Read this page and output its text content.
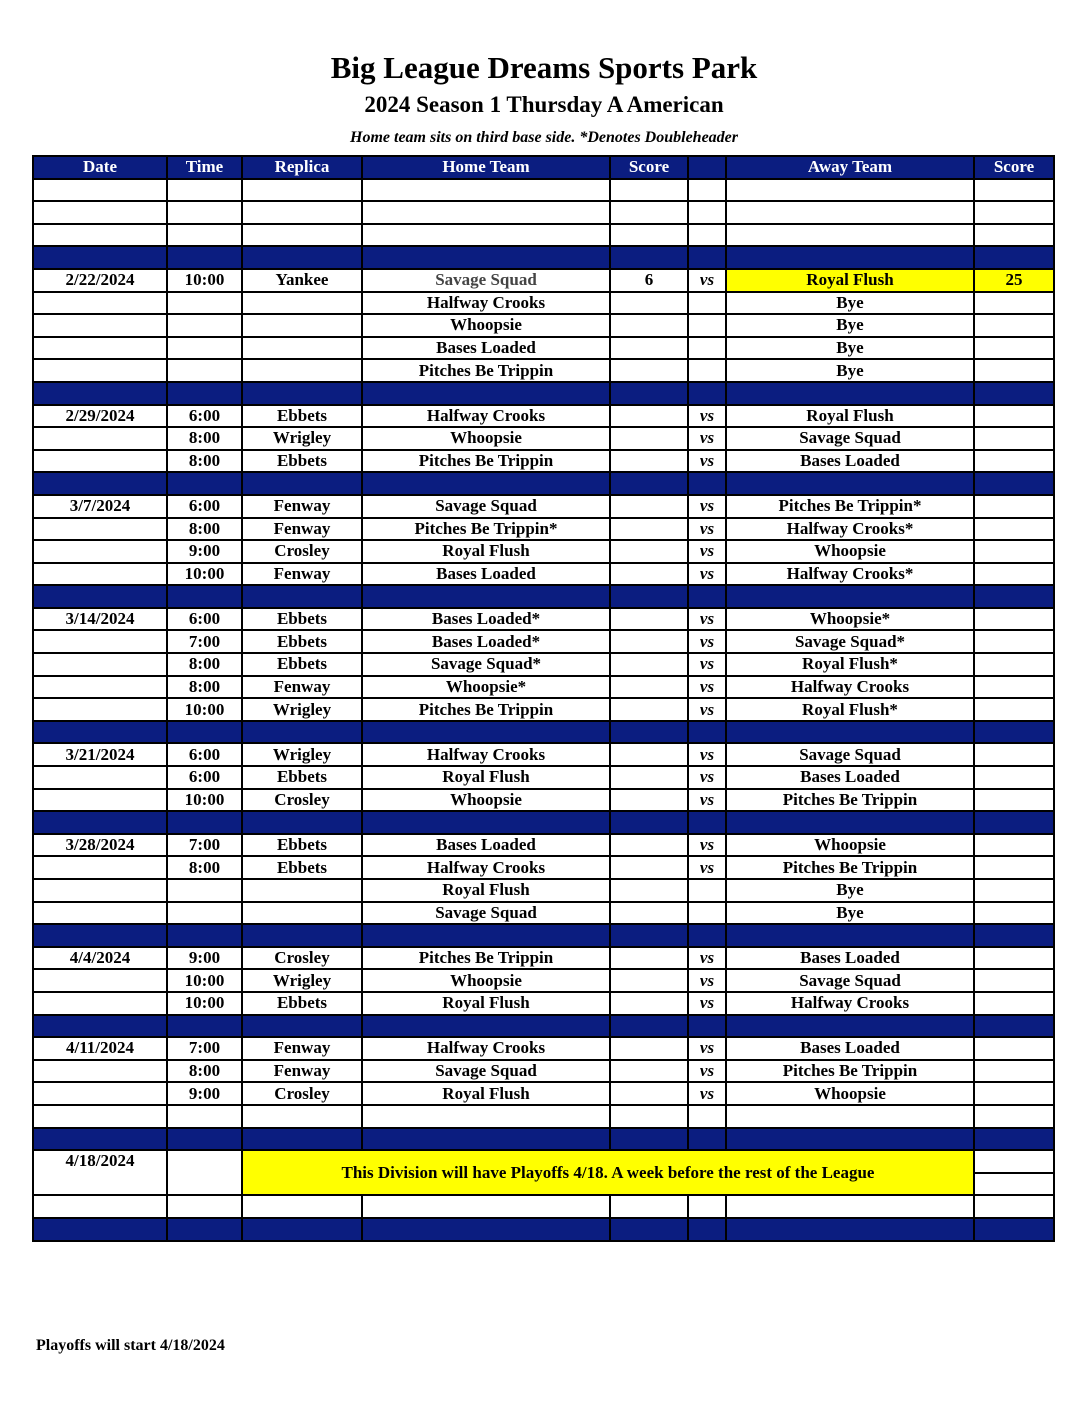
Big League Dreams Sports Park
2024 Season 1 Thursday A American
Home team sits on third base side. *Denotes Doubleheader
Date	Time	Replica	Home Team	Score		Away Team	Score

2/22/2024	10:00	Yankee	Savage Squad	6	vs	Royal Flush	25
			Halfway Crooks			Bye	
			Whoopsie			Bye	
			Bases Loaded			Bye	
			Pitches Be Trippin			Bye	

2/29/2024	6:00	Ebbets	Halfway Crooks		vs	Royal Flush	
	8:00	Wrigley	Whoopsie		vs	Savage Squad	
	8:00	Ebbets	Pitches Be Trippin		vs	Bases Loaded	

3/7/2024	6:00	Fenway	Savage Squad		vs	Pitches Be Trippin*	
	8:00	Fenway	Pitches Be Trippin*		vs	Halfway Crooks*	
	9:00	Crosley	Royal Flush		vs	Whoopsie	
	10:00	Fenway	Bases Loaded		vs	Halfway Crooks*	

3/14/2024	6:00	Ebbets	Bases Loaded*		vs	Whoopsie*	
	7:00	Ebbets	Bases Loaded*		vs	Savage Squad*	
	8:00	Ebbets	Savage Squad*		vs	Royal Flush*	
	8:00	Fenway	Whoopsie*		vs	Halfway Crooks	
	10:00	Wrigley	Pitches Be Trippin		vs	Royal Flush*	

3/21/2024	6:00	Wrigley	Halfway Crooks		vs	Savage Squad	
	6:00	Ebbets	Royal Flush		vs	Bases Loaded	
	10:00	Crosley	Whoopsie		vs	Pitches Be Trippin	

3/28/2024	7:00	Ebbets	Bases Loaded		vs	Whoopsie	
	8:00	Ebbets	Halfway Crooks		vs	Pitches Be Trippin	
			Royal Flush			Bye	
			Savage Squad			Bye	

4/4/2024	9:00	Crosley	Pitches Be Trippin		vs	Bases Loaded	
	10:00	Wrigley	Whoopsie		vs	Savage Squad	
	10:00	Ebbets	Royal Flush		vs	Halfway Crooks	

4/11/2024	7:00	Fenway	Halfway Crooks		vs	Bases Loaded	
	8:00	Fenway	Savage Squad		vs	Pitches Be Trippin	
	9:00	Crosley	Royal Flush		vs	Whoopsie	

4/18/2024		This Division will have Playoffs 4/18. A week before the rest of the League					

Playoffs will start 4/18/2024
